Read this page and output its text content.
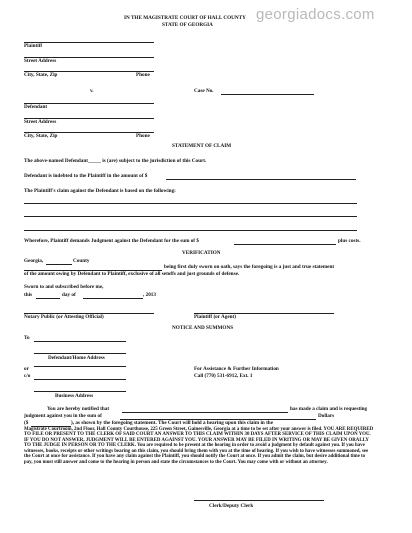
IN THE MAGISTRATE COURT OF HALL COUNTY
STATE OF GEORGIA
georgiadocs.com
Plaintiff
Street Address
City, State, Zip	Phone
v.	Case No.
Defendant
Street Address
City, State, Zip	Phone
STATEMENT OF CLAIM
The above-named Defendant_____ is (are) subject to the jurisdiction of this Court.
Defendant is indebted to the Plaintiff in the amount of $
The Plaintiff's claim against the Defendant is based on the following:
Wherefore, Plaintiff demands Judgment against the Defendant for the sum of $	plus costs.
VERIFICATION
Georgia,	County
being first duly sworn on oath, says the foregoing is a just and true statement
of the amount owing by Defendant to Plaintiff, exclusive of all setoffs and just grounds of defense.
Sworn to and subscribed before me,
this	day of	, 2013
Notary Public (or Attesting Official)	Plaintiff (or Agent)
NOTICE AND SUMMONS
To
Defendant/Home Address
or
c/o
Business Address
For Assistance & Further Information
Call (770) 531-6912, Ext. 1
You are hereby notified that	has made a claim and is requesting
judgment against you in the sum of	Dollars
($	), as shown by the foregoing statement. The Court will hold a hearing upon this claim in the
Magistrate Courtroom, 2nd Floor, Hall County Courthouse, 225 Green Street, Gainesville, Georgia at a time to be set after your answer is filed. YOU ARE REQUIRED TO FILE OR PRESENT TO THE CLERK OF SAID COURT AN ANSWER TO THIS CLAIM WITHIN 30 DAYS AFTER SERVICE OF THIS CLAIM UPON YOU. IF YOU DO NOT ANSWER, JUDGMENT WILL BE ENTERED AGAINST YOU. YOUR ANSWER MAY BE FILED IN WRITING OR MAY BE GIVEN ORALLY TO THE JUDGE IN PERSON OR TO THE CLERK. You are required to be present at the hearing in order to avoid a judgment by default against you. If you have witnesses, books, receipts or other writings bearing on this claim, you should bring them with you at the time of hearing. If you wish to have witnesses summoned, see the Court at once for assistance. If you have any claim against the Plaintiff, you should notify the Court at once. If you admit the claim, but desire additional time to pay, you must still answer and come to the hearing in person and state the circumstances to the Court. You may come with or without an attorney.
Clerk/Deputy Clerk
